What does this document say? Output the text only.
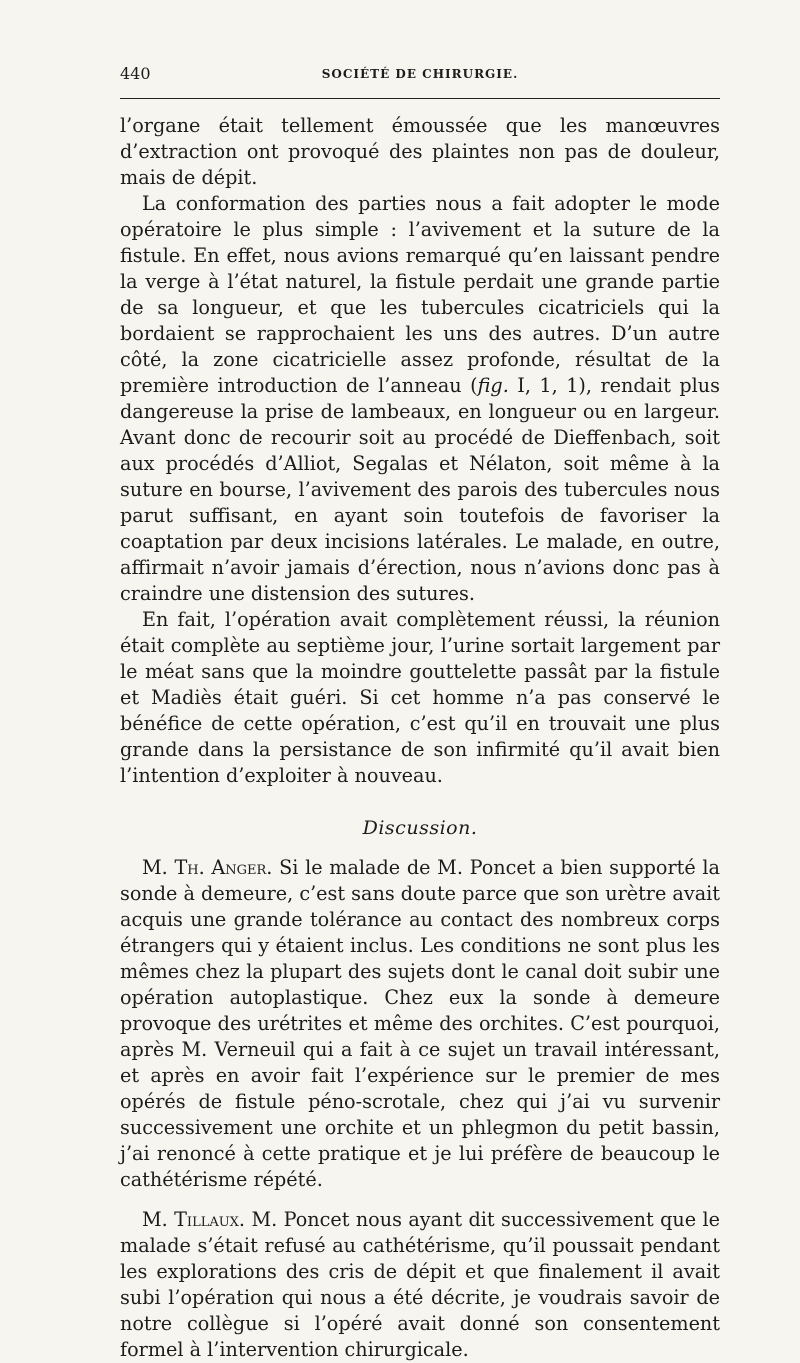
440	SOCIÉTÉ DE CHIRURGIE.

l’organe était tellement émoussée que les manœuvres d’extraction ont provoqué des plaintes non pas de douleur, mais de dépit.

La conformation des parties nous a fait adopter le mode opératoire le plus simple : l’avivement et la suture de la fistule. En effet, nous avions remarqué qu’en laissant pendre la verge à l’état naturel, la fistule perdait une grande partie de sa longueur, et que les tubercules cicatriciels qui la bordaient se rapprochaient les uns des autres. D’un autre côté, la zone cicatricielle assez profonde, résultat de la première introduction de l’anneau (fig. I, 1, 1), rendait plus dangereuse la prise de lambeaux, en longueur ou en largeur. Avant donc de recourir soit au procédé de Dieffenbach, soit aux procédés d’Alliot, Segalas et Nélaton, soit même à la suture en bourse, l’avivement des parois des tubercules nous parut suffisant, en ayant soin toutefois de favoriser la coaptation par deux incisions latérales. Le malade, en outre, affirmait n’avoir jamais d’érection, nous n’avions donc pas à craindre une distension des sutures.

En fait, l’opération avait complètement réussi, la réunion était complète au septième jour, l’urine sortait largement par le méat sans que la moindre gouttelette passât par la fistule et Madiès était guéri. Si cet homme n’a pas conservé le bénéfice de cette opération, c’est qu’il en trouvait une plus grande dans la persistance de son infirmité qu’il avait bien l’intention d’exploiter à nouveau.

Discussion.

M. Th. Anger. Si le malade de M. Poncet a bien supporté la sonde à demeure, c’est sans doute parce que son urètre avait acquis une grande tolérance au contact des nombreux corps étrangers qui y étaient inclus. Les conditions ne sont plus les mêmes chez la plupart des sujets dont le canal doit subir une opération autoplastique. Chez eux la sonde à demeure provoque des urétrites et même des orchites. C’est pourquoi, après M. Verneuil qui a fait à ce sujet un travail intéressant, et après en avoir fait l’expérience sur le premier de mes opérés de fistule péno-scrotale, chez qui j’ai vu survenir successivement une orchite et un phlegmon du petit bassin, j’ai renoncé à cette pratique et je lui préfère de beaucoup le cathétérisme répété.

M. Tillaux. M. Poncet nous ayant dit successivement que le malade s’était refusé au cathétérisme, qu’il poussait pendant les explorations des cris de dépit et que finalement il avait subi l’opération qui nous a été décrite, je voudrais savoir de notre collègue si l’opéré avait donné son consentement formel à l’intervention chirurgicale.
